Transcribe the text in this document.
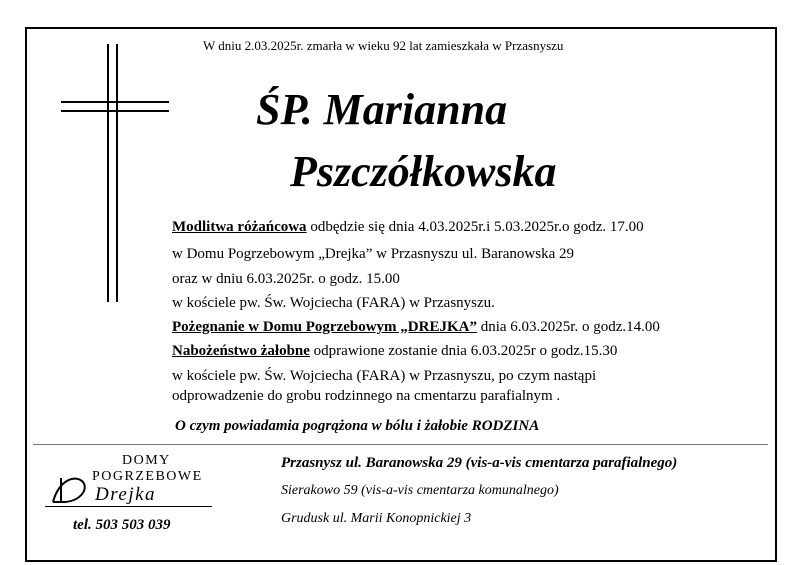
W dniu 2.03.2025r. zmarła w wieku 92 lat zamieszkała w Przasnyszu
ŚP. Marianna
Pszczółkowska
Modlitwa różańcowa odbędzie się dnia 4.03.2025r.i 5.03.2025r.o godz. 17.00
w Domu Pogrzebowym „Drejka” w Przasnyszu ul. Baranowska 29
oraz w dniu 6.03.2025r. o godz. 15.00
w kościele pw. Św. Wojciecha (FARA) w Przasnyszu.
Pożegnanie w Domu Pogrzebowym „DREJKA” dnia 6.03.2025r. o godz.14.00
Nabożeństwo żałobne odprawione zostanie dnia 6.03.2025r o godz.15.30
w kościele pw. Św. Wojciecha (FARA) w Przasnyszu, po czym nastąpi
odprowadzenie do grobu rodzinnego na cmentarzu parafialnym .
O czym powiadamia pogrążona w bólu i żałobie RODZINA
DOMY
POGRZEBOWE
Drejka
tel. 503 503 039
Przasnysz ul. Baranowska 29 (vis-a-vis cmentarza parafialnego)
Sierakowo 59 (vis-a-vis cmentarza komunalnego)
Grudusk ul. Marii Konopnickiej 3
